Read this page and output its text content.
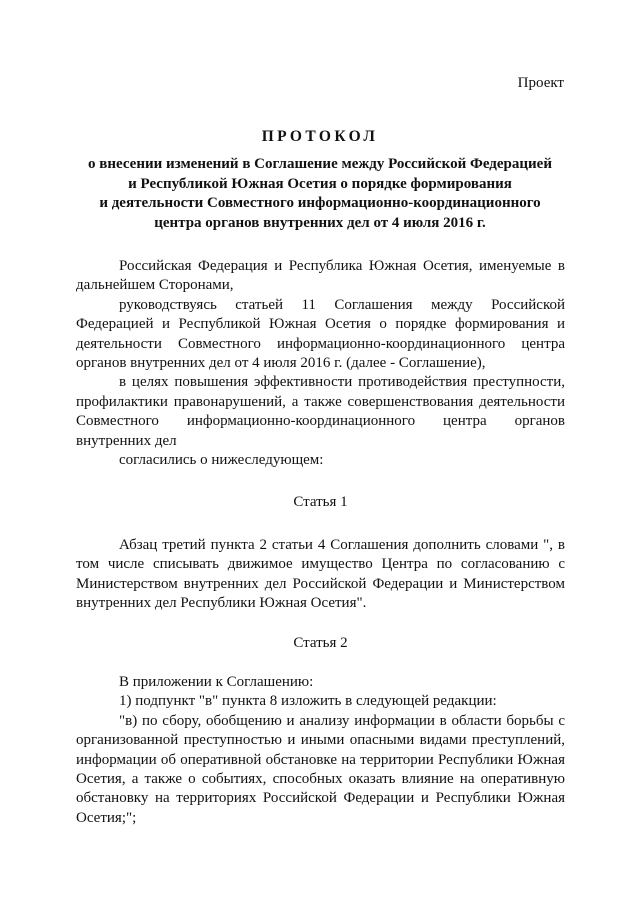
Проект
ПРОТОКОЛ
о внесении изменений в Соглашение между Российской Федерацией
и Республикой Южная Осетия о порядке формирования
и деятельности Совместного информационно-координационного
центра органов внутренних дел от 4 июля 2016 г.

Российская Федерация и Республика Южная Осетия, именуемые в дальнейшем Сторонами,

руководствуясь статьей 11 Соглашения между Российской Федерацией и Республикой Южная Осетия о порядке формирования и деятельности Совместного информационно-координационного центра органов внутренних дел от 4 июля 2016 г. (далее - Соглашение),

в целях повышения эффективности противодействия преступности, профилактики правонарушений, а также совершенствования деятельности Совместного информационно-координационного центра органов внутренних дел

согласились о нижеследующем:

Статья 1

Абзац третий пункта 2 статьи 4 Соглашения дополнить словами ", в том числе списывать движимое имущество Центра по согласованию с Министерством внутренних дел Российской Федерации и Министерством внутренних дел Республики Южная Осетия".

Статья 2

В приложении к Соглашению:

1) подпункт "в" пункта 8 изложить в следующей редакции:

"в) по сбору, обобщению и анализу информации в области борьбы с организованной преступностью и иными опасными видами преступлений, информации об оперативной обстановке на территории Республики Южная Осетия, а также о событиях, способных оказать влияние на оперативную обстановку на территориях Российской Федерации и Республики Южная Осетия;";
